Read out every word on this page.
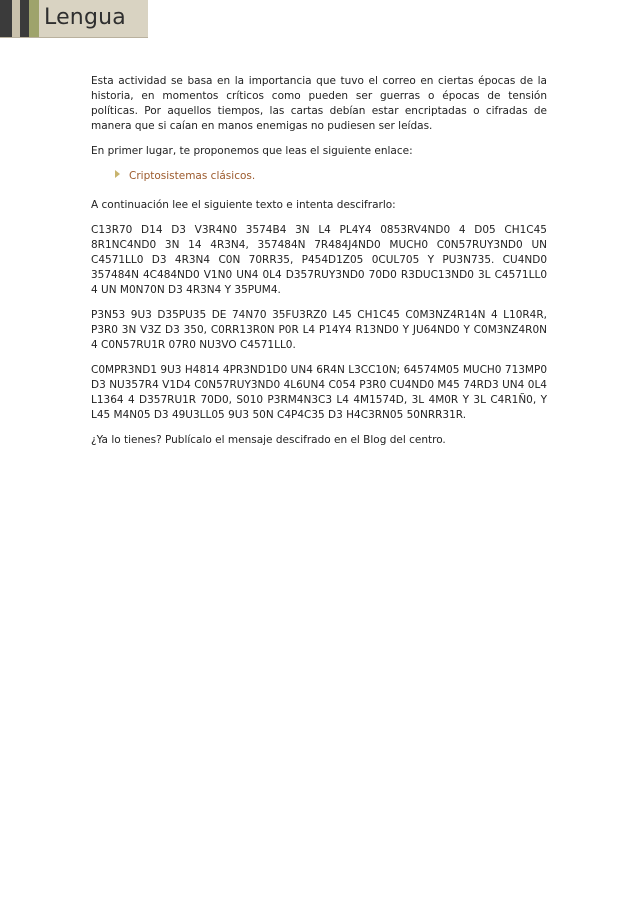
Lengua

Esta actividad se basa en la importancia que tuvo el correo en ciertas épocas de la historia, en momentos críticos como pueden ser guerras o épocas de tensión políticas. Por aquellos tiempos, las cartas debían estar encriptadas o cifradas de manera que si caían en manos enemigas no pudiesen ser leídas.

En primer lugar, te proponemos que leas el siguiente enlace:

Criptosistemas clásicos.

A continuación lee el siguiente texto e intenta descifrarlo:

C13R70 D14 D3 V3R4N0 3574B4 3N L4 PL4Y4 0853RV4ND0 4 D05 CH1C45 8R1NC4ND0 3N 14 4R3N4, 357484N 7R484J4ND0 MUCH0 C0N57RUY3ND0 UN C4571LL0 D3 4R3N4 C0N 70RR35, P454D1Z05 0CUL705 Y PU3N735. CU4ND0 357484N 4C484ND0 V1N0 UN4 0L4 D357RUY3ND0 70D0 R3DUC13ND0 3L C4571LL0 4 UN M0N70N D3 4R3N4 Y 35PUM4.

P3N53 9U3 D35PU35 DE 74N70 35FU3RZ0 L45 CH1C45 C0M3NZ4R14N 4 L10R4R, P3R0 3N V3Z D3 350, C0RR13R0N P0R L4 P14Y4 R13ND0 Y JU64ND0 Y C0M3NZ4R0N 4 C0N57RU1R 07R0 NU3VO C4571LL0.

C0MPR3ND1 9U3 H4814 4PR3ND1D0 UN4 6R4N L3CC10N; 64574M05 MUCH0 713MP0 D3 NU357R4 V1D4 C0N57RUY3ND0 4L6UN4 C054 P3R0 CU4ND0 M45 74RD3 UN4 0L4 L1364 4 D357RU1R 70D0, S010 P3RM4N3C3 L4 4M1574D, 3L 4M0R Y 3L C4R1Ñ0, Y L45 M4N05 D3 49U3LL05 9U3 50N C4P4C35 D3 H4C3RN05 50NRR31R.

¿Ya lo tienes? Publícalo el mensaje descifrado en el Blog del centro.
